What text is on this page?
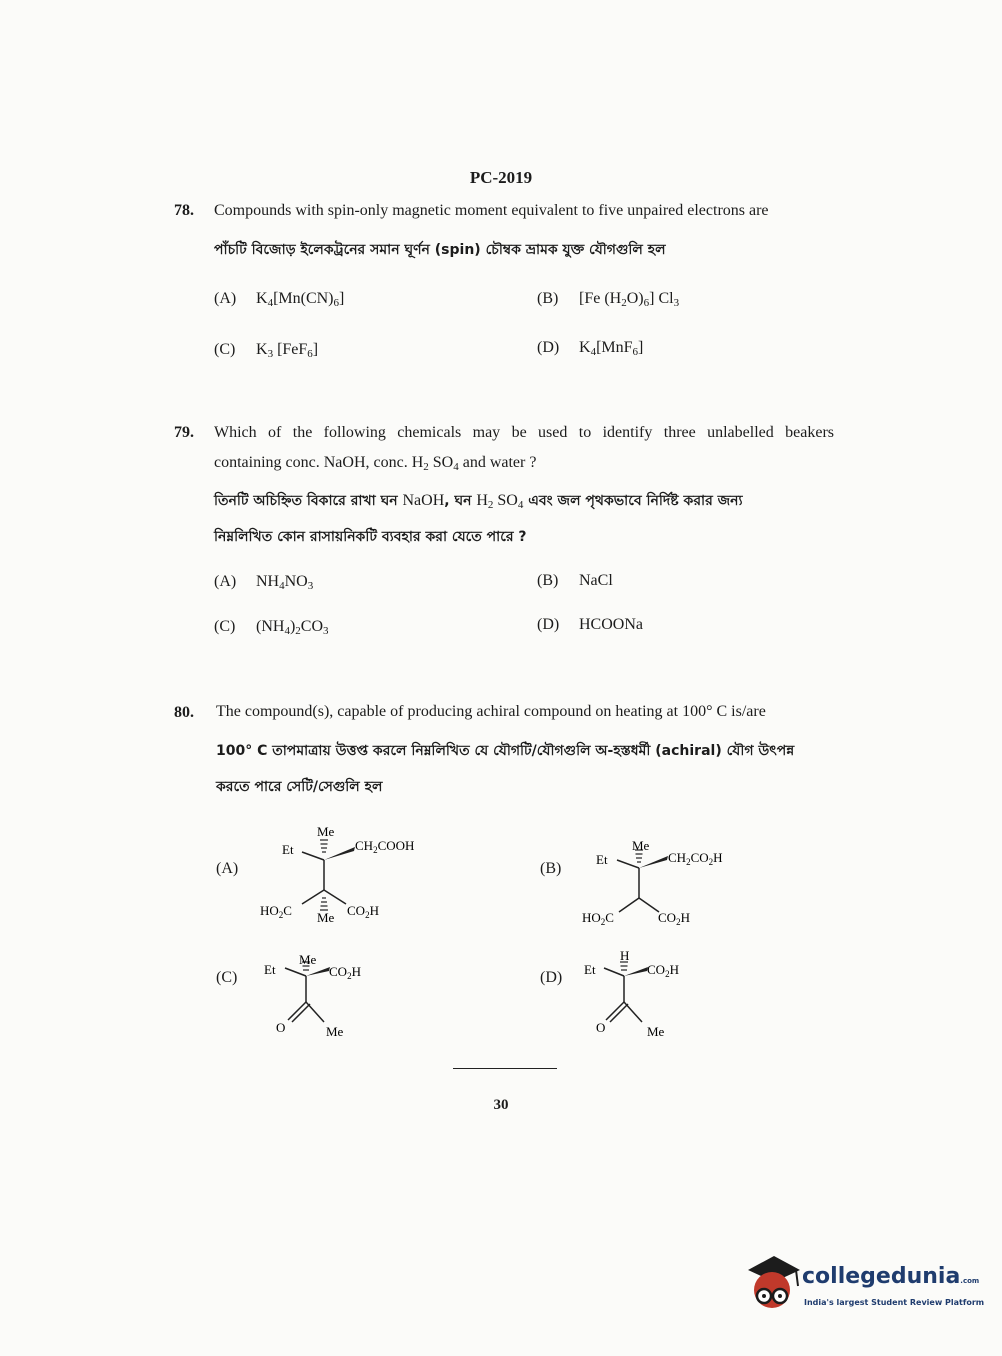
PC-2019
78. Compounds with spin-only magnetic moment equivalent to five unpaired electrons are
পাঁচটি বিজোড় ইলেকট্রনের সমান ঘূর্ণন (spin) চৌম্বক ভ্রামক যুক্ত যৌগগুলি হল
(A) $K_4[Mn(CN)_6]$	(B) [Fe $(H_2O)_6$] $Cl_3$
(C) $K_3$ [FeF$_6$]	(D) $K_4[MnF_6]$
79. Which of the following chemicals may be used to identify three unlabelled beakers
containing conc. NaOH, conc. $H_2$ $SO_4$ and water ?
তিনটি অচিহ্নিত বিকারে রাখা ঘন NaOH, ঘন $H_2$ $SO_4$ এবং জল পৃথকভাবে নির্দিষ্ট করার জন্য
নিম্নলিখিত কোন রাসায়নিকটি ব্যবহার করা যেতে পারে ?
(A) $NH_4NO_3$	(B) NaCl
(C) $(NH_4)_2CO_3$	(D) HCOONa
80. The compound(s), capable of producing achiral compound on heating at 100° C is/are
100° C তাপমাত্রায় উত্তপ্ত করলে নিম্নলিখিত যে যৌগটি/যৌগগুলি অ-হস্তধর্মী (achiral) যৌগ উৎপন্ন
করতে পারে সেটি/সেগুলি হল
(A)	(B)
(C)	(D)
Me
Et	$CH_2COOH$
$HO_2C$ Me $CO_2H$
Me
Et	$CH_2CO_2H$
$HO_2C$	$CO_2H$
Me
Et	$CO_2H$
O	Me
H
Et	$CO_2H$
O	Me
30
collegedunia.com
India's largest Student Review Platform
